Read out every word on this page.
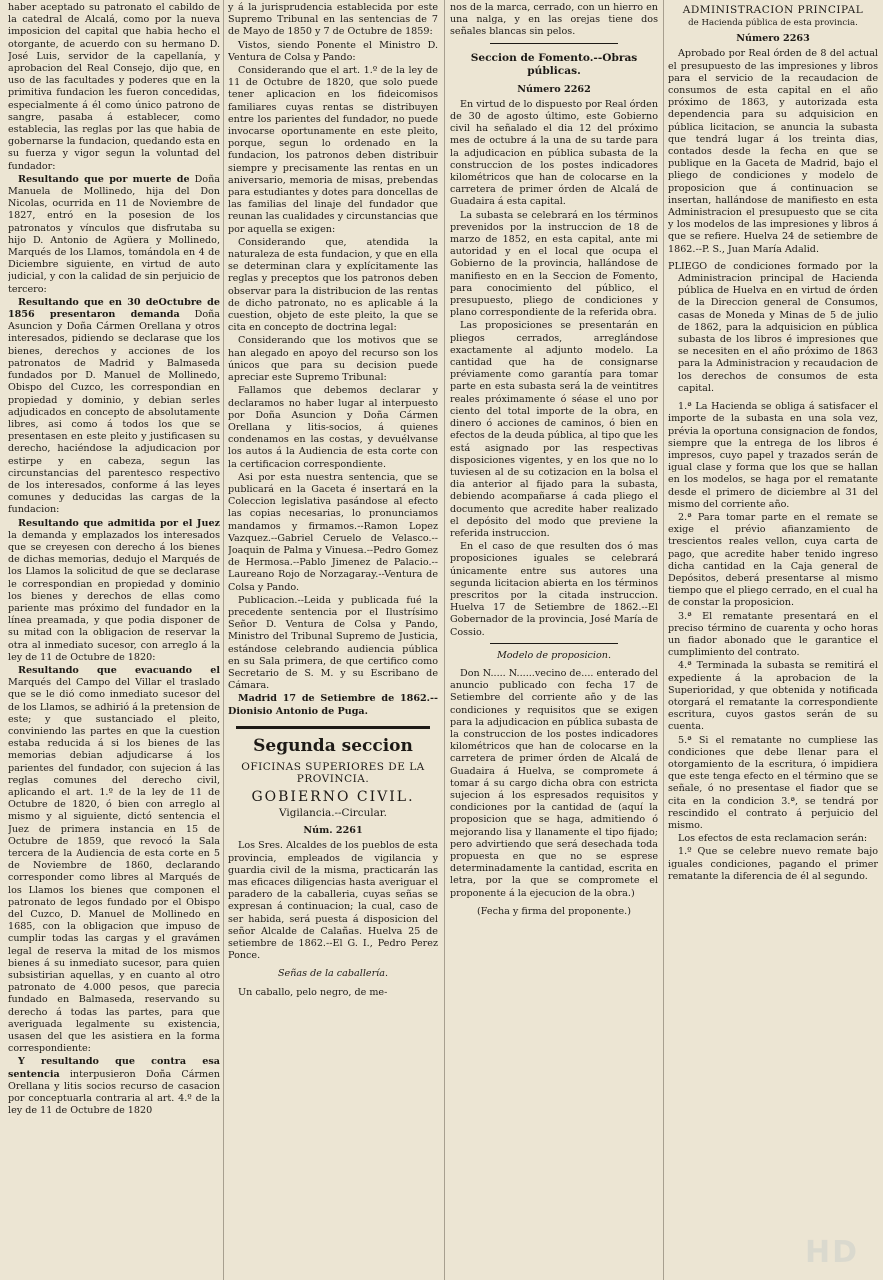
haber aceptado su patronato el cabildo de la catedral de Alcalá, como por la nueva imposicion del capital que habia hecho el otorgante, de acuerdo con su hermano D. José Luis, servidor de la capellanía, y aprobacion del Real Consejo, dijo que, en uso de las facultades y poderes que en la primitiva fundacion les fueron concedidas, especialmente á él como único patrono de sangre, pasaba á establecer, como establecia, las reglas por las que habia de gobernarse la fundacion, quedando esta en su fuerza y vigor segun la voluntad del fundador:

Resultando que por muerte de Doña Manuela de Mollinedo, hija del Don Nicolas, ocurrida en 11 de Noviembre de 1827, entró en la posesion de los patronatos y vínculos que disfrutaba su hijo D. Antonio de Agüera y Mollinedo, Marqués de los Llamos, tomándola en 4 de Diciembre siguiente, en virtud de auto judicial, y con la calidad de sin perjuicio de tercero:

Resultando que en 30 deOctubre de 1856 presentaron demanda Doña Asuncion y Doña Cármen Orellana y otros interesados, pidiendo se declarase que los bienes, derechos y acciones de los patronatos de Madrid y Balmaseda fundados por D. Manuel de Mollinedo, Obispo del Cuzco, les correspondian en propiedad y dominio, y debian serles adjudicados en concepto de absolutamente libres, asi como á todos los que se presentasen en este pleito y justificasen su derecho, haciéndose la adjudicacion por estirpe y en cabeza, segun las circunstancias del parentesco respectivo de los interesados, conforme á las leyes comunes y deducidas las cargas de la fundacion:

Resultando que admitida por el Juez la demanda y emplazados los interesados que se creyesen con derecho á los bienes de dichas memorias, dedujo el Marqués de los Llamos la solicitud de que se declarase le correspondian en propiedad y dominio los bienes y derechos de ellas como pariente mas próximo del fundador en la línea preamada, y que podia disponer de su mitad con la obligacion de reservar la otra al inmediato sucesor, con arreglo á la ley de 11 de Octubre de 1820:

Resultando que evacuando el Marqués del Campo del Villar el traslado que se le dió como inmediato sucesor del de los Llamos, se adhirió á la pretension de este; y que sustanciado el pleito, conviniendo las partes en que la cuestion estaba reducida á si los bienes de las memorias debian adjudicarse á los parientes del fundador, con sujecion á las reglas comunes del derecho civil, aplicando el art. 1.º de la ley de 11 de Octubre de 1820, ó bien con arreglo al mismo y al siguiente, dictó sentencia el Juez de primera instancia en 15 de Octubre de 1859, que revocó la Sala tercera de la Audiencia de esta corte en 5 de Noviembre de 1860, declarando corresponder como libres al Marqués de los Llamos los bienes que componen el patronato de legos fundado por el Obispo del Cuzco, D. Manuel de Mollinedo en 1685, con la obligacion que impuso de cumplir todas las cargas y el gravámen legal de reserva la mitad de los mismos bienes á su inmediato sucesor, para quien subsistirian aquellas, y en cuanto al otro patronato de 4.000 pesos, que parecia fundado en Balmaseda, reservando su derecho á todas las partes, para que averiguada legalmente su existencia, usasen del que les asistiera en la forma correspondiente:

Y resultando que contra esa sentencia interpusieron Doña Cármen Orellana y litis socios recurso de casacion por conceptuarla contraria al art. 4.º de la ley de 11 de Octubre de 1820

y á la jurisprudencia establecida por este Supremo Tribunal en las sentencias de 7 de Mayo de 1850 y 7 de Octubre de 1859:

Vistos, siendo Ponente el Ministro D. Ventura de Colsa y Pando:

Considerando que el art. 1.º de la ley de 11 de Octubre de 1820, que solo puede tener aplicacion en los fideicomisos familiares cuyas rentas se distribuyen entre los parientes del fundador, no puede invocarse oportunamente en este pleito, porque, segun lo ordenado en la fundacion, los patronos deben distribuir siempre y precisamente las rentas en un aniversario, memoria de misas, prebendas para estudiantes y dotes para doncellas de las familias del linaje del fundador que reunan las cualidades y circunstancias que por aquella se exigen:

Considerando que, atendida la naturaleza de esta fundacion, y que en ella se determinan clara y explícitamente las reglas y preceptos que los patronos deben observar para la distribucion de las rentas de dicho patronato, no es aplicable á la cuestion, objeto de este pleito, la que se cita en concepto de doctrina legal:

Considerando que los motivos que se han alegado en apoyo del recurso son los únicos que para su decision puede apreciar este Supremo Tribunal:

Fallamos que debemos declarar y declaramos no haber lugar al interpuesto por Doña Asuncion y Doña Cármen Orellana y litis-socios, á quienes condenamos en las costas, y devuélvanse los autos á la Audiencia de esta corte con la certificacion correspondiente.

Asi por esta nuestra sentencia, que se publicará en la Gaceta é insertará en la Coleccion legislativa pasándose al efecto las copias necesarias, lo pronunciamos mandamos y firmamos.--Ramon Lopez Vazquez.--Gabriel Ceruelo de Velasco.--Joaquin de Palma y Vinuesa.--Pedro Gomez de Hermosa.--Pablo Jimenez de Palacio.--Laureano Rojo de Norzagaray.--Ventura de Colsa y Pando.

Publicacion.--Leida y publicada fué la precedente sentencia por el Ilustrísimo Señor D. Ventura de Colsa y Pando, Ministro del Tribunal Supremo de Justicia, estándose celebrando audiencia pública en su Sala primera, de que certifico como Secretario de S. M. y su Escribano de Cámara.

Madrid 17 de Setiembre de 1862.--Dionisio Antonio de Puga.

Segunda seccion
OFICINAS SUPERIORES DE LA PROVINCIA.
GOBIERNO CIVIL.
Vigilancia.--Circular.
Núm. 2261

Los Sres. Alcaldes de los pueblos de esta provincia, empleados de vigilancia y guardia civil de la misma, practicarán las mas eficaces diligencias hasta averiguar el paradero de la caballeria, cuyas señas se expresan á continuacion; la cual, caso de ser habida, será puesta á disposicion del señor Alcalde de Calañas. Huelva 25 de setiembre de 1862.--El G. I., Pedro Perez Ponce.

Señas de la caballería.

Un caballo, pelo negro, de me-

nos de la marca, cerrado, con un hierro en una nalga, y en las orejas tiene dos señales blancas sin pelos.

Seccion de Fomento.--Obras públicas.
Número 2262

En virtud de lo dispuesto por Real órden de 30 de agosto último, este Gobierno civil ha señalado el dia 12 del próximo mes de octubre á la una de su tarde para la adjudicacion en pública subasta de la construccion de los postes indicadores kilométricos que han de colocarse en la carretera de primer órden de Alcalá de Guadaira á esta capital.

La subasta se celebrará en los términos prevenidos por la instruccion de 18 de marzo de 1852, en esta capital, ante mi autoridad y en el local que ocupa el Gobierno de la provincia, hallándose de manifiesto en en la Seccion de Fomento, para conocimiento del público, el presupuesto, pliego de condiciones y plano correspondiente de la referida obra.

Las proposiciones se presentarán en pliegos cerrados, arreglándose exactamente al adjunto modelo. La cantidad que ha de consignarse préviamente como garantía para tomar parte en esta subasta será la de veintitres reales próximamente ó séase el uno por ciento del total importe de la obra, en dinero ó acciones de caminos, ó bien en efectos de la deuda pública, al tipo que les está asignado por las respectivas disposiciones vigentes, y en los que no lo tuviesen al de su cotizacion en la bolsa el dia anterior al fijado para la subasta, debiendo acompañarse á cada pliego el documento que acredite haber realizado el depósito del modo que previene la referida instruccion.

En el caso de que resulten dos ó mas proposiciones iguales se celebrará únicamente entre sus autores una segunda licitacion abierta en los términos prescritos por la citada instruccion. Huelva 17 de Setiembre de 1862.--El Gobernador de la provincia, José María de Cossio.

Modelo de proposicion.

Don N..... N......vecino de.... enterado del anuncio publicado con fecha 17 de Setiembre del corriente año y de las condiciones y requisitos que se exigen para la adjudicacion en pública subasta de la construccion de los postes indicadores kilométricos que han de colocarse en la carretera de primer órden de Alcalá de Guadaira á Huelva, se compromete á tomar á su cargo dicha obra con estricta sujecion á los espresados requisitos y condiciones por la cantidad de (aquí la proposicion que se haga, admitiendo ó mejorando lisa y llanamente el tipo fijado; pero advirtiendo que será desechada toda propuesta en que no se esprese determinadamente la cantidad, escrita en letra, por la que se compromete el proponente á la ejecucion de la obra.)

(Fecha y firma del proponente.)
ADMINISTRACION PRINCIPAL
de Hacienda pública de esta provincia.
Número 2263

Aprobado por Real órden de 8 del actual el presupuesto de las impresiones y libros para el servicio de la recaudacion de consumos de esta capital en el año próximo de 1863, y autorizada esta dependencia para su adquisicion en pública licitacion, se anuncia la subasta que tendrá lugar á los treinta dias, contados desde la fecha en que se publique en la Gaceta de Madrid, bajo el pliego de condiciones y modelo de proposicion que á continuacion se insertan, hallándose de manifiesto en esta Administracion el presupuesto que se cita y los modelos de las impresiones y libros á que se refiere. Huelva 24 de setiembre de 1862.--P. S., Juan María Adalid.

PLIEGO de condiciones formado por la Administracion principal de Hacienda pública de Huelva en en virtud de órden de la Direccion general de Consumos, casas de Moneda y Minas de 5 de julio de 1862, para la adquisicion en pública subasta de los libros é impresiones que se necesiten en el año próximo de 1863 para la Administracion y recaudacion de los derechos de consumos de esta capital.

1.ª La Hacienda se obliga á satisfacer el importe de la subasta en una sola vez, prévia la oportuna consignacion de fondos, siempre que la entrega de los libros é impresos, cuyo papel y trazados serán de igual clase y forma que los que se hallan en los modelos, se haga por el rematante desde el primero de diciembre al 31 del mismo del corriente año.

2.ª Para tomar parte en el remate se exige el prévio afianzamiento de trescientos reales vellon, cuya carta de pago, que acredite haber tenido ingreso dicha cantidad en la Caja general de Depósitos, deberá presentarse al mismo tiempo que el pliego cerrado, en el cual ha de constar la proposicion.

3.ª El rematante presentará en el preciso término de cuarenta y ocho horas un fiador abonado que le garantice el cumplimiento del contrato.

4.ª Terminada la subasta se remitirá el expediente á la aprobacion de la Superioridad, y que obtenida y notificada otorgará el rematante la correspondiente escritura, cuyos gastos serán de su cuenta.

5.ª Si el rematante no cumpliese las condiciones que debe llenar para el otorgamiento de la escritura, ó impidiera que este tenga efecto en el término que se señale, ó no presentase el fiador que se cita en la condicion 3.ª, se tendrá por rescindido el contrato á perjuicio del mismo.

Los efectos de esta reclamacion serán:

1.º Que se celebre nuevo remate bajo iguales condiciones, pagando el primer rematante la diferencia de él al segundo.

HD
